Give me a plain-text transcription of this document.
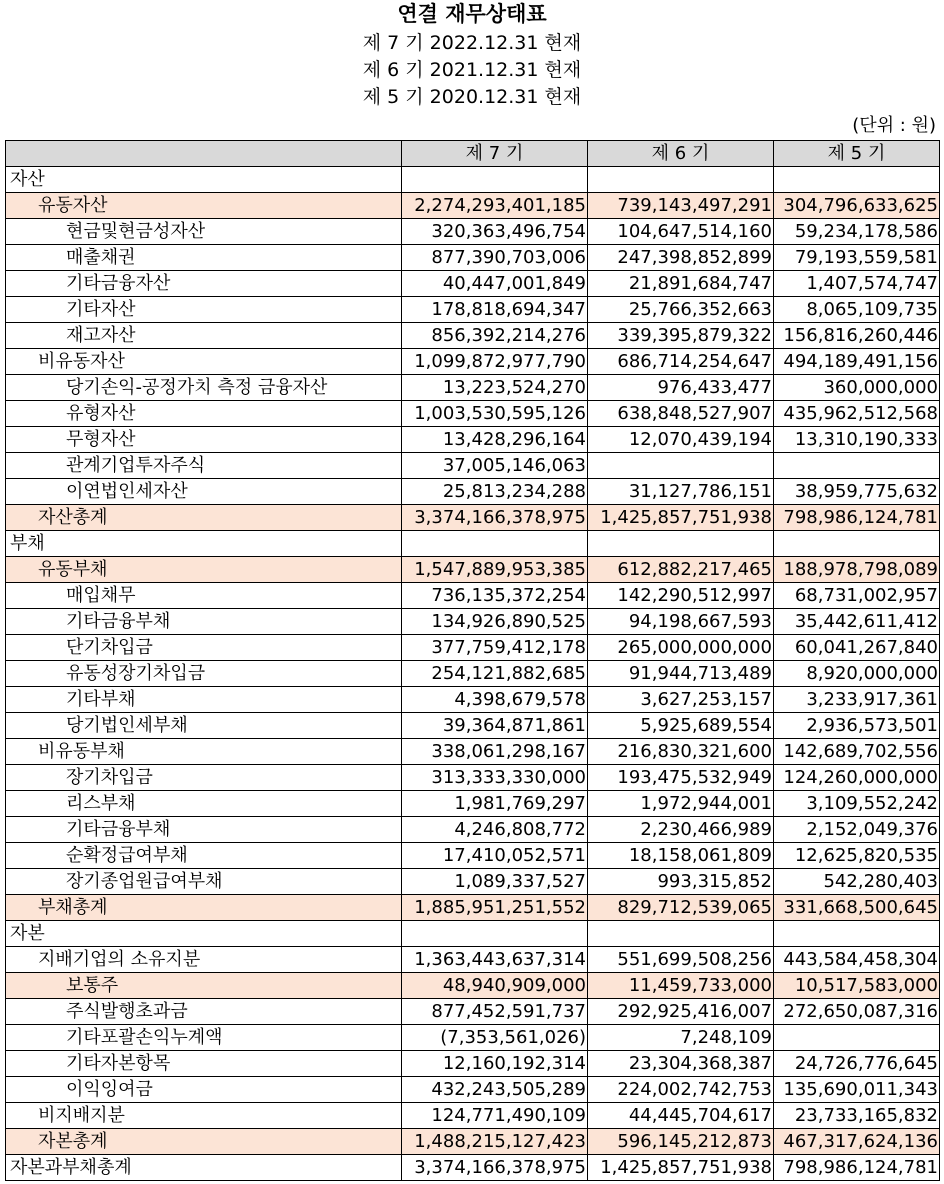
연결 재무상태표
제 7 기 2022.12.31 현재
제 6 기 2021.12.31 현재
제 5 기 2020.12.31 현재
(단위 : 원)
	제 7 기	제 6 기	제 5 기
자산			
유동자산	2,274,293,401,185	739,143,497,291	304,796,633,625
현금및현금성자산	320,363,496,754	104,647,514,160	59,234,178,586
매출채권	877,390,703,006	247,398,852,899	79,193,559,581
기타금융자산	40,447,001,849	21,891,684,747	1,407,574,747
기타자산	178,818,694,347	25,766,352,663	8,065,109,735
재고자산	856,392,214,276	339,395,879,322	156,816,260,446
비유동자산	1,099,872,977,790	686,714,254,647	494,189,491,156
당기손익-공정가치 측정 금융자산	13,223,524,270	976,433,477	360,000,000
유형자산	1,003,530,595,126	638,848,527,907	435,962,512,568
무형자산	13,428,296,164	12,070,439,194	13,310,190,333
관계기업투자주식	37,005,146,063		
이연법인세자산	25,813,234,288	31,127,786,151	38,959,775,632
자산총계	3,374,166,378,975	1,425,857,751,938	798,986,124,781
부채			
유동부채	1,547,889,953,385	612,882,217,465	188,978,798,089
매입채무	736,135,372,254	142,290,512,997	68,731,002,957
기타금융부채	134,926,890,525	94,198,667,593	35,442,611,412
단기차입금	377,759,412,178	265,000,000,000	60,041,267,840
유동성장기차입금	254,121,882,685	91,944,713,489	8,920,000,000
기타부채	4,398,679,578	3,627,253,157	3,233,917,361
당기법인세부채	39,364,871,861	5,925,689,554	2,936,573,501
비유동부채	338,061,298,167	216,830,321,600	142,689,702,556
장기차입금	313,333,330,000	193,475,532,949	124,260,000,000
리스부채	1,981,769,297	1,972,944,001	3,109,552,242
기타금융부채	4,246,808,772	2,230,466,989	2,152,049,376
순확정급여부채	17,410,052,571	18,158,061,809	12,625,820,535
장기종업원급여부채	1,089,337,527	993,315,852	542,280,403
부채총계	1,885,951,251,552	829,712,539,065	331,668,500,645
자본			
지배기업의 소유지분	1,363,443,637,314	551,699,508,256	443,584,458,304
보통주	48,940,909,000	11,459,733,000	10,517,583,000
주식발행초과금	877,452,591,737	292,925,416,007	272,650,087,316
기타포괄손익누계액	(7,353,561,026)	7,248,109	
기타자본항목	12,160,192,314	23,304,368,387	24,726,776,645
이익잉여금	432,243,505,289	224,002,742,753	135,690,011,343
비지배지분	124,771,490,109	44,445,704,617	23,733,165,832
자본총계	1,488,215,127,423	596,145,212,873	467,317,624,136
자본과부채총계	3,374,166,378,975	1,425,857,751,938	798,986,124,781
